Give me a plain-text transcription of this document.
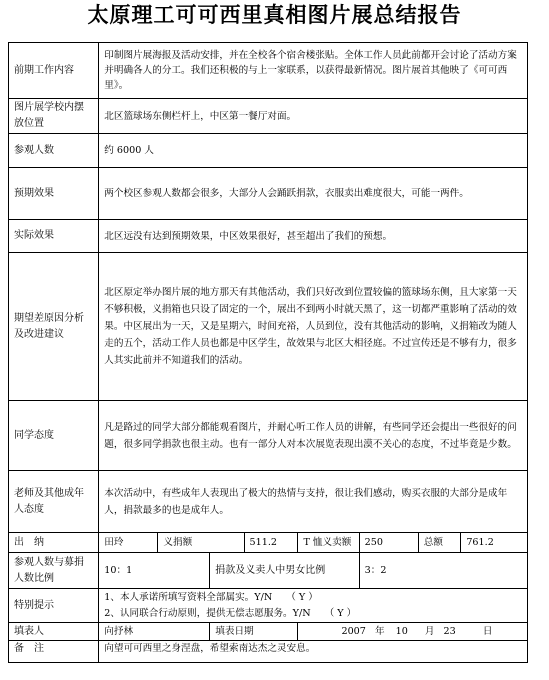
太原理工可可西里真相图片展总结报告
前期工作内容	印制图片展海报及活动安排，并在全校各个宿舍楼张贴。全体工作人员此前都开会讨论了活动方案并明确各人的分工。我们还积极的与上一家联系，以获得最新情况。图片展首其他映了《可可西里》。							
图片展学校内摆放位置	北区篮球场东侧栏杆上，中区第一餐厅对面。							
参观人数	约 6000 人							
预期效果	两个校区参观人数都会很多，大部分人会踊跃捐款，衣服卖出难度很大，可能一两件。							
实际效果	北区远没有达到预期效果，中区效果很好，甚至超出了我们的预想。							
期望差原因分析及改进建议	北区原定举办图片展的地方那天有其他活动，我们只好改到位置较偏的篮球场东侧，且大家第一天不够积极，义捐箱也只设了固定的一个，展出不到两小时就天黑了，这一切都严重影响了活动的效果。中区展出为一天，又是星期六，时间充裕，人员到位，没有其他活动的影响，义捐箱改为随人走的五个，活动工作人员也都是中区学生，故效果与北区大相径庭。不过宣传还是不够有力，很多人其实此前并不知道我们的活动。							
同学态度	凡是路过的同学大部分都能观看图片，并耐心听工作人员的讲解，有些同学还会提出一些很好的问题，很多同学捐款也很主动。也有一部分人对本次展览表现出漠不关心的态度，不过毕竟是少数。							
老师及其他成年人态度	本次活动中，有些成年人表现出了极大的热情与支持，很让我们感动，购买衣服的大部分是成年人，捐款最多的也是成年人。							
出　纳	田玲	义捐额		511.2	T 恤义卖额	250	总额	761.2
参观人数与募捐人数比例	10：1		捐款及义卖人中男女比例			3：2		
特别提示	1、本人承诺所填写资料全部属实。Y/N （ Y ）
2、认同联合行动原则，提供无偿志愿服务。Y/N （ Y ）							

填表人	向抒林		填表日期		2007 年 10 月 23 日			
备　注	向望可可西里之身涅盘，希望索南达杰之灵安息。							
